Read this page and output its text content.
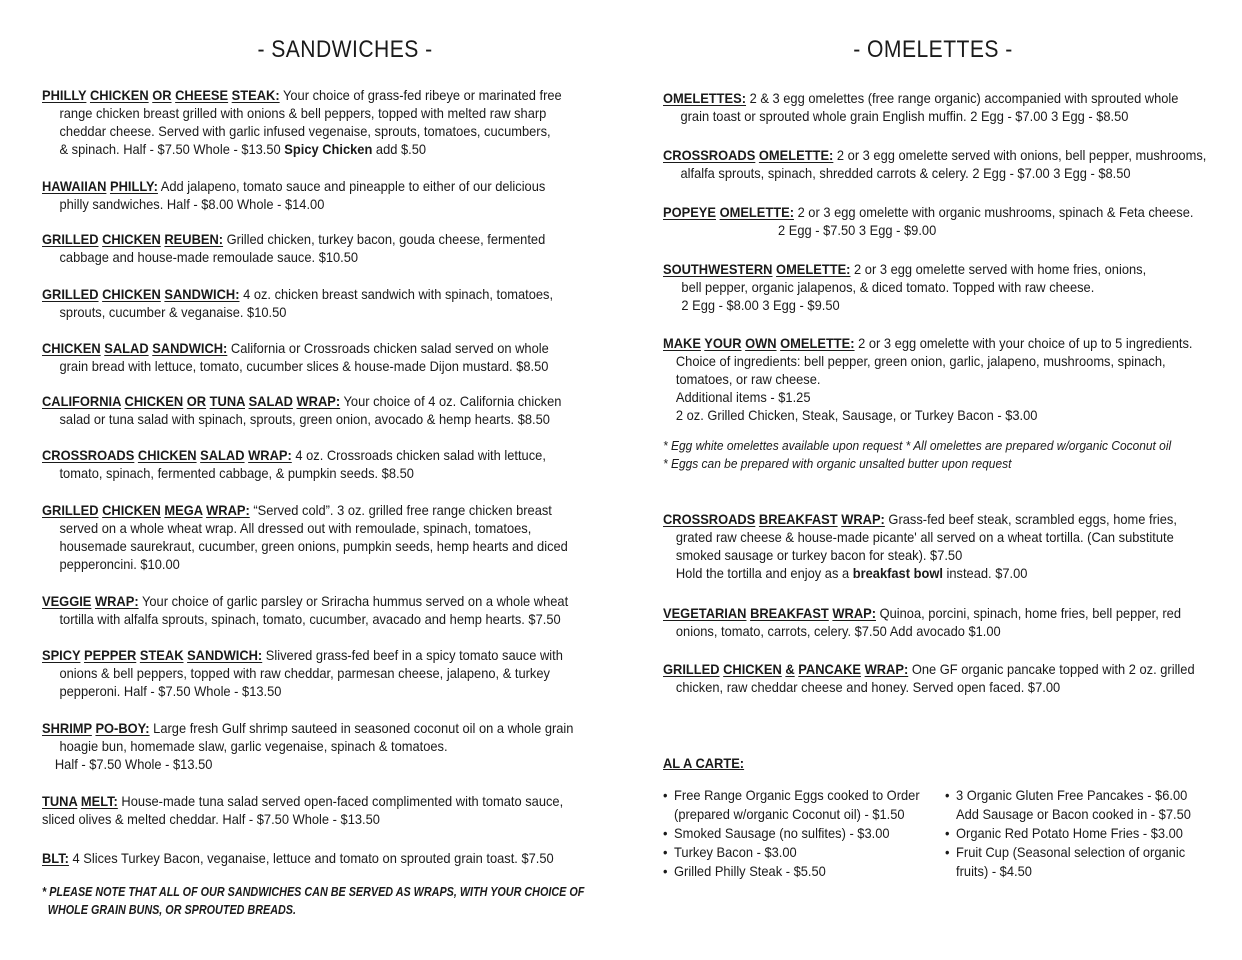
- SANDWICHES -
PHILLY CHICKEN OR CHEESE STEAK: Your choice of grass-fed ribeye or marinated free
range chicken breast grilled with onions & bell peppers, topped with melted raw sharp
cheddar cheese. Served with garlic infused vegenaise, sprouts, tomatoes, cucumbers,
& spinach. Half - $7.50 Whole - $13.50 Spicy Chicken add $.50
HAWAIIAN PHILLY: Add jalapeno, tomato sauce and pineapple to either of our delicious
philly sandwiches. Half - $8.00 Whole - $14.00
GRILLED CHICKEN REUBEN: Grilled chicken, turkey bacon, gouda cheese, fermented
cabbage and house-made remoulade sauce. $10.50
GRILLED CHICKEN SANDWICH: 4 oz. chicken breast sandwich with spinach, tomatoes,
sprouts, cucumber & veganaise. $10.50
CHICKEN SALAD SANDWICH: California or Crossroads chicken salad served on whole
grain bread with lettuce, tomato, cucumber slices & house-made Dijon mustard. $8.50
CALIFORNIA CHICKEN OR TUNA SALAD WRAP: Your choice of 4 oz. California chicken
salad or tuna salad with spinach, sprouts, green onion, avocado & hemp hearts. $8.50
CROSSROADS CHICKEN SALAD WRAP: 4 oz. Crossroads chicken salad with lettuce,
tomato, spinach, fermented cabbage, & pumpkin seeds. $8.50
GRILLED CHICKEN MEGA WRAP: “Served cold”. 3 oz. grilled free range chicken breast
served on a whole wheat wrap. All dressed out with remoulade, spinach, tomatoes,
housemade saurekraut, cucumber, green onions, pumpkin seeds, hemp hearts and diced
pepperoncini. $10.00
VEGGIE WRAP: Your choice of garlic parsley or Sriracha hummus served on a whole wheat
tortilla with alfalfa sprouts, spinach, tomato, cucumber, avacado and hemp hearts. $7.50
SPICY PEPPER STEAK SANDWICH: Slivered grass-fed beef in a spicy tomato sauce with
onions & bell peppers, topped with raw cheddar, parmesan cheese, jalapeno, & turkey
pepperoni. Half - $7.50 Whole - $13.50
SHRIMP PO-BOY: Large fresh Gulf shrimp sauteed in seasoned coconut oil on a whole grain
hoagie bun, homemade slaw, garlic vegenaise, spinach & tomatoes.
Half - $7.50 Whole - $13.50
TUNA MELT: House-made tuna salad served open-faced complimented with tomato sauce,
sliced olives & melted cheddar. Half - $7.50 Whole - $13.50
BLT: 4 Slices Turkey Bacon, veganaise, lettuce and tomato on sprouted grain toast. $7.50
* PLEASE NOTE THAT ALL OF OUR SANDWICHES CAN BE SERVED AS WRAPS, WITH YOUR CHOICE OF
WHOLE GRAIN BUNS, OR SPROUTED BREADS.
- OMELETTES -
OMELETTES: 2 & 3 egg omelettes (free range organic) accompanied with sprouted whole
grain toast or sprouted whole grain English muffin. 2 Egg - $7.00 3 Egg - $8.50
CROSSROADS OMELETTE: 2 or 3 egg omelette served with onions, bell pepper, mushrooms,
alfalfa sprouts, spinach, shredded carrots & celery. 2 Egg - $7.00 3 Egg - $8.50
POPEYE OMELETTE: 2 or 3 egg omelette with organic mushrooms, spinach & Feta cheese.
2 Egg - $7.50 3 Egg - $9.00
SOUTHWESTERN OMELETTE: 2 or 3 egg omelette served with home fries, onions,
bell pepper, organic jalapenos, & diced tomato. Topped with raw cheese.
2 Egg - $8.00 3 Egg - $9.50
MAKE YOUR OWN OMELETTE: 2 or 3 egg omelette with your choice of up to 5 ingredients.
Choice of ingredients: bell pepper, green onion, garlic, jalapeno, mushrooms, spinach,
tomatoes, or raw cheese.
Additional items - $1.25
2 oz. Grilled Chicken, Steak, Sausage, or Turkey Bacon - $3.00
* Egg white omelettes available upon request * All omelettes are prepared w/organic Coconut oil
* Eggs can be prepared with organic unsalted butter upon request
CROSSROADS BREAKFAST WRAP: Grass-fed beef steak, scrambled eggs, home fries,
grated raw cheese & house-made picante' all served on a wheat tortilla. (Can substitute
smoked sausage or turkey bacon for steak). $7.50
Hold the tortilla and enjoy as a breakfast bowl instead. $7.00
VEGETARIAN BREAKFAST WRAP: Quinoa, porcini, spinach, home fries, bell pepper, red
onions, tomato, carrots, celery. $7.50 Add avocado $1.00
GRILLED CHICKEN & PANCAKE WRAP: One GF organic pancake topped with 2 oz. grilled
chicken, raw cheddar cheese and honey. Served open faced. $7.00
AL A CARTE:
• Free Range Organic Eggs cooked to Order
(prepared w/organic Coconut oil) - $1.50
• Smoked Sausage (no sulfites) - $3.00
• Turkey Bacon - $3.00
• Grilled Philly Steak - $5.50
• 3 Organic Gluten Free Pancakes - $6.00
Add Sausage or Bacon cooked in - $7.50
• Organic Red Potato Home Fries - $3.00
• Fruit Cup (Seasonal selection of organic
fruits) - $4.50
